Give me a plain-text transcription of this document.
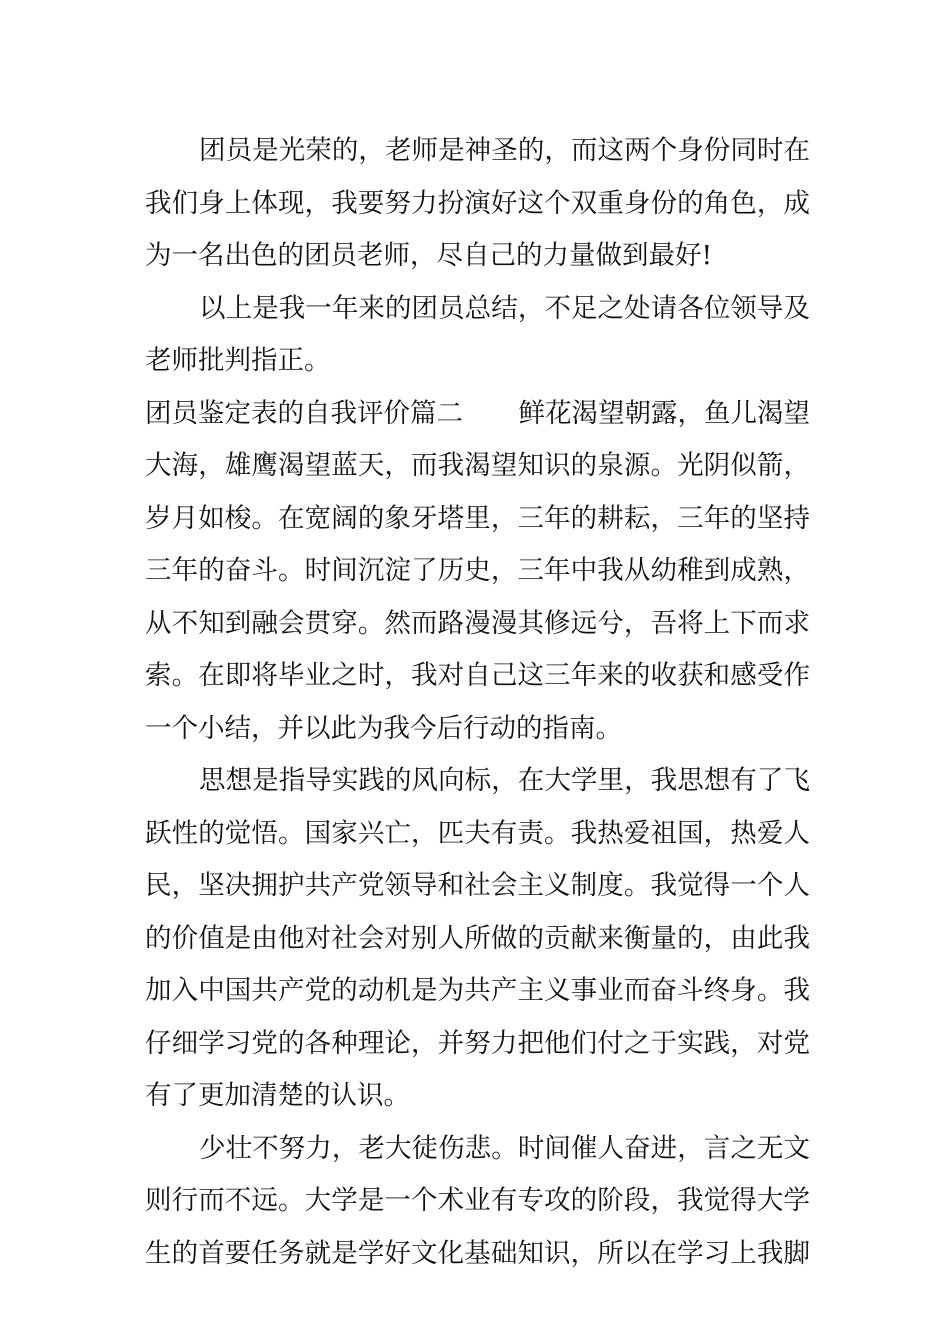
团员是光荣的，老师是神圣的，而这两个身份同时在
我们身上体现，我要努力扮演好这个双重身份的角色，成
为一名出色的团员老师，尽自己的力量做到最好!
以上是我一年来的团员总结，不足之处请各位领导及
老师批判指正。
团员鉴定表的自我评价篇二 鲜花渴望朝露，鱼儿渴望
大海，雄鹰渴望蓝天，而我渴望知识的泉源。光阴似箭，
岁月如梭。在宽阔的象牙塔里，三年的耕耘，三年的坚持
三年的奋斗。时间沉淀了历史，三年中我从幼稚到成熟，
从不知到融会贯穿。然而路漫漫其修远兮，吾将上下而求
索。在即将毕业之时，我对自己这三年来的收获和感受作
一个小结，并以此为我今后行动的指南。
思想是指导实践的风向标，在大学里，我思想有了飞
跃性的觉悟。国家兴亡，匹夫有责。我热爱祖国，热爱人
民，坚决拥护共产党领导和社会主义制度。我觉得一个人
的价值是由他对社会对别人所做的贡献来衡量的，由此我
加入中国共产党的动机是为共产主义事业而奋斗终身。我
仔细学习党的各种理论，并努力把他们付之于实践，对党
有了更加清楚的认识。
少壮不努力，老大徒伤悲。时间催人奋进，言之无文
则行而不远。大学是一个术业有专攻的阶段，我觉得大学
生的首要任务就是学好文化基础知识，所以在学习上我脚
